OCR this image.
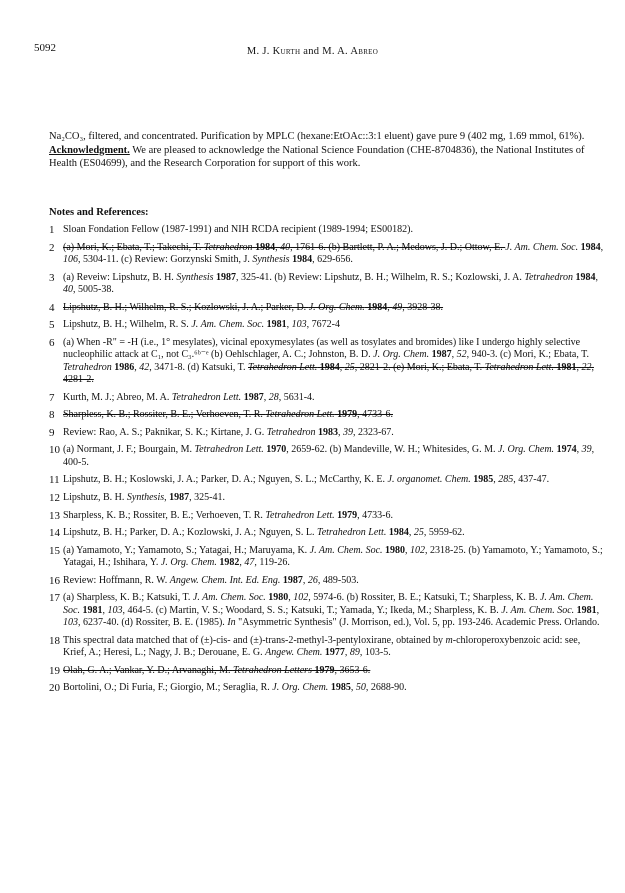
5092	M. J. Kurth and M. A. Abreo

Na₂CO₃, filtered, and concentrated. Purification by MPLC (hexane:EtOAc::3:1 eluent) gave pure 9 (402 mg, 1.69 mmol, 61%).

Acknowledgment. We are pleased to acknowledge the National Science Foundation (CHE-8704836), the National Institutes of Health (ES04699), and the Research Corporation for support of this work.

Notes and References:
1 Sloan Fondation Fellow (1987-1991) and NIH RCDA recipient (1989-1994; ES00182).
2 (a) Mori, K.; Ebata, T.; Takechi, T. Tetrahedron 1984, 40, 1761-6. (b) Bartlett, P. A.; Medows, J. D.; Ottow, E. J. Am. Chem. Soc. 1984, 106, 5304-11. (c) Review: Gorzynski Smith, J. Synthesis 1984, 629-656.
3 (a) Reveiw: Lipshutz, B. H. Synthesis 1987, 325-41. (b) Review: Lipshutz, B. H.; Wilhelm, R. S.; Kozlowski, J. A. Tetrahedron 1984, 40, 5005-38.
4 Lipshutz, B. H.; Wilhelm, R. S.; Kozlowski, J. A.; Parker, D. J. Org. Chem. 1984, 49, 3928-38.
5 Lipshutz, B. H.; Wilhelm, R. S. J. Am. Chem. Soc. 1981, 103, 7672-4
6 (a) When -R" = -H (i.e., 1° mesylates), vicinal epoxymesylates (as well as tosylates and bromides) like I undergo highly selective nucleophilic attack at C₁, not C₃.⁶ᵇ⁻ᵉ (b) Oehlschlager, A. C.; Johnston, B. D. J. Org. Chem. 1987, 52, 940-3. (c) Mori, K.; Ebata, T. Tetrahedron 1986, 42, 3471-8. (d) Katsuki, T. Tetrahedron Lett. 1984, 25, 2821-2. (e) Mori, K.; Ebata, T. Tetrahedron Lett. 1981, 22, 4281-2.
7 Kurth, M. J.; Abreo, M. A. Tetrahedron Lett. 1987, 28, 5631-4.
8 Sharpless, K. B.; Rossiter, B. E.; Verhoeven, T. R. Tetrahedron Lett. 1979, 4733-6.
9 Review: Rao, A. S.; Paknikar, S. K.; Kirtane, J. G. Tetrahedron 1983, 39, 2323-67.
10 (a) Normant, J. F.; Bourgain, M. Tetrahedron Lett. 1970, 2659-62. (b) Mandeville, W. H.; Whitesides, G. M. J. Org. Chem. 1974, 39, 400-5.
11 Lipshutz, B. H.; Koslowski, J. A.; Parker, D. A.; Nguyen, S. L.; McCarthy, K. E. J. organomet. Chem. 1985, 285, 437-47.
12 Lipshutz, B. H. Synthesis, 1987, 325-41.
13 Sharpless, K. B.; Rossiter, B. E.; Verhoeven, T. R. Tetrahedron Lett. 1979, 4733-6.
14 Lipshutz, B. H.; Parker, D. A.; Kozlowski, J. A.; Nguyen, S. L. Tetrahedron Lett. 1984, 25, 5959-62.
15 (a) Yamamoto, Y.; Yamamoto, S.; Yatagai, H.; Maruyama, K. J. Am. Chem. Soc. 1980, 102, 2318-25. (b) Yamamoto, Y.; Yamamoto, S.; Yatagai, H.; Ishihara, Y. J. Org. Chem. 1982, 47, 119-26.
16 Review: Hoffmann, R. W. Angew. Chem. Int. Ed. Eng. 1987, 26, 489-503.
17 (a) Sharpless, K. B.; Katsuki, T. J. Am. Chem. Soc. 1980, 102, 5974-6. (b) Rossiter, B. E.; Katsuki, T.; Sharpless, K. B. J. Am. Chem. Soc. 1981, 103, 464-5. (c) Martin, V. S.; Woodard, S. S.; Katsuki, T.; Yamada, Y.; Ikeda, M.; Sharpless, K. B. J. Am. Chem. Soc. 1981, 103, 6237-40. (d) Rossiter, B. E. (1985). In "Asymmetric Synthesis" (J. Morrison, ed.), Vol. 5, pp. 193-246. Academic Press. Orlando.
18 This spectral data matched that of (±)-cis- and (±)-trans-2-methyl-3-pentyloxirane, obtained by m-chloroperoxybenzoic acid: see, Krief, A.; Heresi, L.; Nagy, J. B.; Derouane, E. G. Angew. Chem. 1977, 89, 103-5.
19 Olah, G. A.; Vankar, Y. D.; Arvanaghi, M. Tetrahedron Letters 1979, 3653-6.
20 Bortolini, O.; Di Furia, F.; Giorgio, M.; Seraglia, R. J. Org. Chem. 1985, 50, 2688-90.
